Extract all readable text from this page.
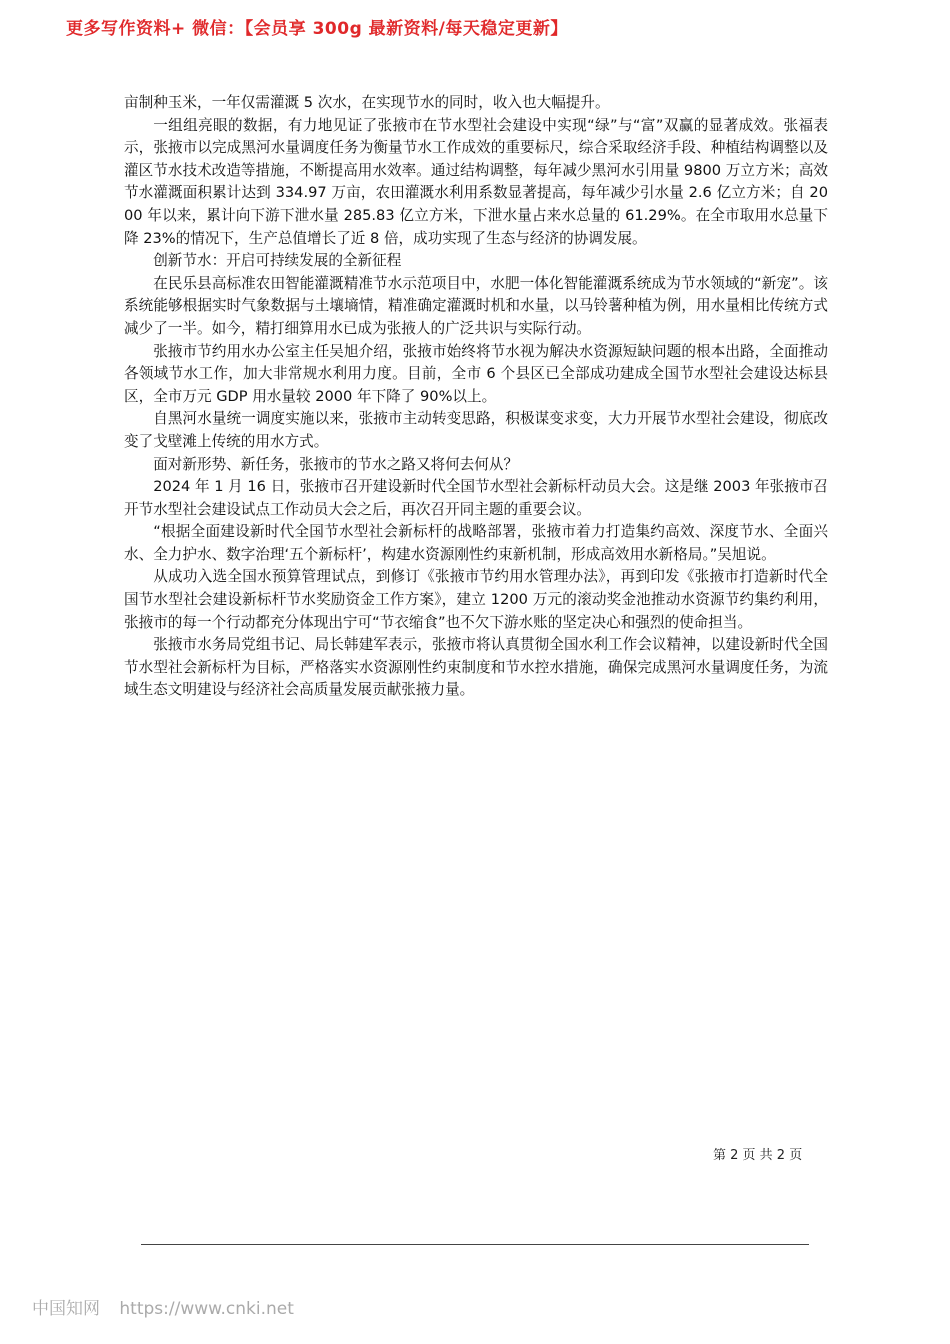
更多写作资料+ 微信：【会员享 300g 最新资料/每天稳定更新】

亩制种玉米，一年仅需灌溉 5 次水，在实现节水的同时，收入也大幅提升。

一组组亮眼的数据，有力地见证了张掖市在节水型社会建设中实现“绿”与“富”双赢的显著成效。张福表示，张掖市以完成黑河水量调度任务为衡量节水工作成效的重要标尺，综合采取经济手段、种植结构调整以及灌区节水技术改造等措施，不断提高用水效率。通过结构调整，每年减少黑河水引用量 9800 万立方米；高效节水灌溉面积累计达到 334.97 万亩，农田灌溉水利用系数显著提高，每年减少引水量 2.6 亿立方米；自 2000 年以来，累计向下游下泄水量 285.83 亿立方米，下泄水量占来水总量的 61.29%。在全市取用水总量下降 23%的情况下，生产总值增长了近 8 倍，成功实现了生态与经济的协调发展。

创新节水：开启可持续发展的全新征程

在民乐县高标准农田智能灌溉精准节水示范项目中，水肥一体化智能灌溉系统成为节水领域的“新宠”。该系统能够根据实时气象数据与土壤墒情，精准确定灌溉时机和水量，以马铃薯种植为例，用水量相比传统方式减少了一半。如今，精打细算用水已成为张掖人的广泛共识与实际行动。

张掖市节约用水办公室主任吴旭介绍，张掖市始终将节水视为解决水资源短缺问题的根本出路，全面推动各领域节水工作，加大非常规水利用力度。目前，全市 6 个县区已全部成功建成全国节水型社会建设达标县区，全市万元 GDP 用水量较 2000 年下降了 90%以上。

自黑河水量统一调度实施以来，张掖市主动转变思路，积极谋变求变，大力开展节水型社会建设，彻底改变了戈壁滩上传统的用水方式。

面对新形势、新任务，张掖市的节水之路又将何去何从？

2024 年 1 月 16 日，张掖市召开建设新时代全国节水型社会新标杆动员大会。这是继 2003 年张掖市召开节水型社会建设试点工作动员大会之后，再次召开同主题的重要会议。

“根据全面建设新时代全国节水型社会新标杆的战略部署，张掖市着力打造集约高效、深度节水、全面兴水、全力护水、数字治理‘五个新标杆’，构建水资源刚性约束新机制，形成高效用水新格局。”吴旭说。

从成功入选全国水预算管理试点，到修订《张掖市节约用水管理办法》，再到印发《张掖市打造新时代全国节水型社会建设新标杆节水奖励资金工作方案》，建立 1200 万元的滚动奖金池推动水资源节约集约利用，张掖市的每一个行动都充分体现出宁可“节衣缩食”也不欠下游水账的坚定决心和强烈的使命担当。

张掖市水务局党组书记、局长韩建军表示，张掖市将认真贯彻全国水利工作会议精神，以建设新时代全国节水型社会新标杆为目标，严格落实水资源刚性约束制度和节水控水措施，确保完成黑河水量调度任务，为流域生态文明建设与经济社会高质量发展贡献张掖力量。

第 2 页 共 2 页
中国知网 https://www.cnki.net
